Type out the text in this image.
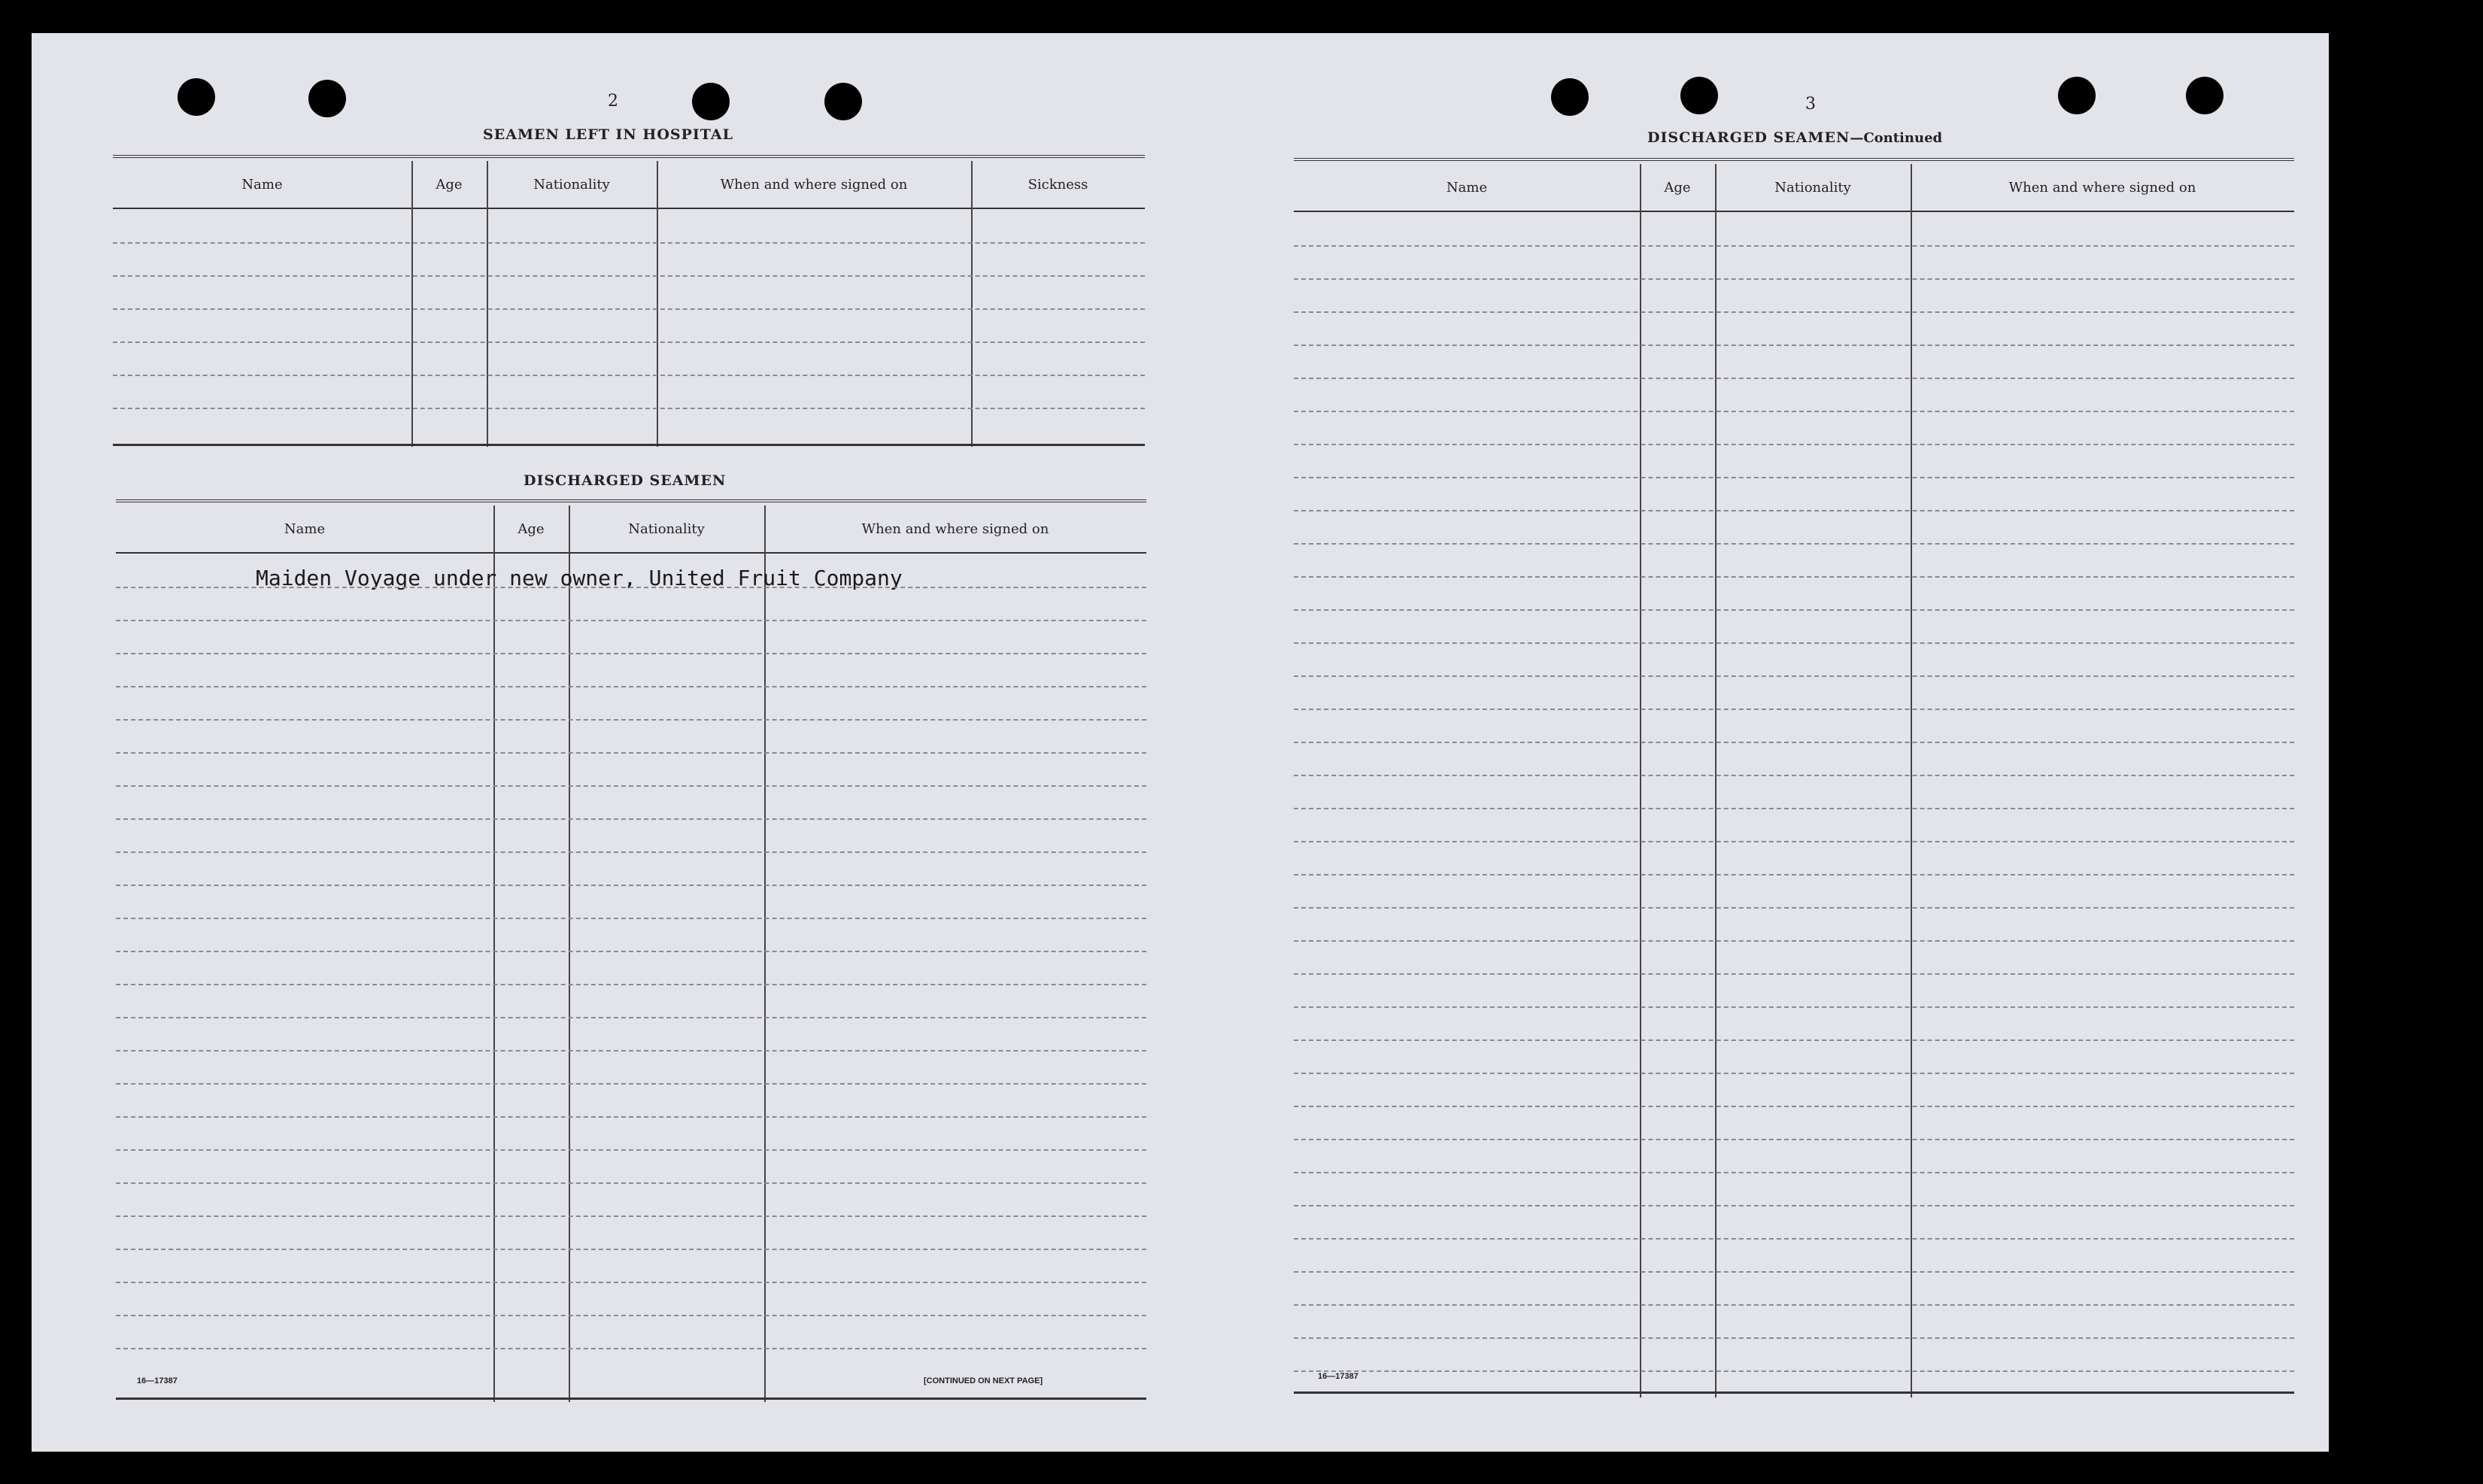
2
SEAMEN LEFT IN HOSPITAL
Name	Age	Nationality	When and where signed on	Sickness
DISCHARGED SEAMEN
Name	Age	Nationality	When and where signed on
Maiden Voyage under new owner, United Fruit Company
16—17387	[CONTINUED ON NEXT PAGE]
3
DISCHARGED SEAMEN—Continued
Name	Age	Nationality	When and where signed on
16—17387
